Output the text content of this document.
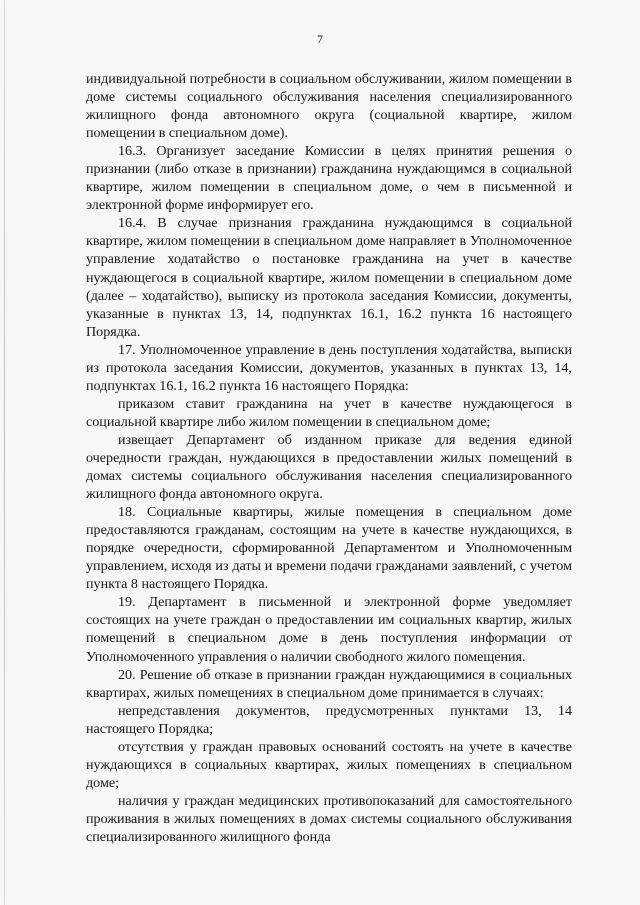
7

индивидуальной потребности в социальном обслуживании, жилом помещении в доме системы социального обслуживания населения специализированного жилищного фонда автономного округа (социальной квартире, жилом помещении в специальном доме).

16.3. Организует заседание Комиссии в целях принятия решения о признании (либо отказе в признании) гражданина нуждающимся в социальной квартире, жилом помещении в специальном доме, о чем в письменной и электронной форме информирует его.

16.4. В случае признания гражданина нуждающимся в социальной квартире, жилом помещении в специальном доме направляет в Уполномоченное управление ходатайство о постановке гражданина на учет в качестве нуждающегося в социальной квартире, жилом помещении в специальном доме (далее – ходатайство), выписку из протокола заседания Комиссии, документы, указанные в пунктах 13, 14, подпунктах 16.1, 16.2 пункта 16 настоящего Порядка.

17. Уполномоченное управление в день поступления ходатайства, выписки из протокола заседания Комиссии, документов, указанных в пунктах 13, 14, подпунктах 16.1, 16.2 пункта 16 настоящего Порядка:

приказом ставит гражданина на учет в качестве нуждающегося в социальной квартире либо жилом помещении в специальном доме;

извещает Департамент об изданном приказе для ведения единой очередности граждан, нуждающихся в предоставлении жилых помещений в домах системы социального обслуживания населения специализированного жилищного фонда автономного округа.

18. Социальные квартиры, жилые помещения в специальном доме предоставляются гражданам, состоящим на учете в качестве нуждающихся, в порядке очередности, сформированной Департаментом и Уполномоченным управлением, исходя из даты и времени подачи гражданами заявлений, с учетом пункта 8 настоящего Порядка.

19. Департамент в письменной и электронной форме уведомляет состоящих на учете граждан о предоставлении им социальных квартир, жилых помещений в специальном доме в день поступления информации от Уполномоченного управления о наличии свободного жилого помещения.

20. Решение об отказе в признании граждан нуждающимися в социальных квартирах, жилых помещениях в специальном доме принимается в случаях:

непредставления документов, предусмотренных пунктами 13, 14 настоящего Порядка;

отсутствия у граждан правовых оснований состоять на учете в качестве нуждающихся в социальных квартирах, жилых помещениях в специальном доме;

наличия у граждан медицинских противопоказаний для самостоятельного проживания в жилых помещениях в домах системы социального обслуживания специализированного жилищного фонда
